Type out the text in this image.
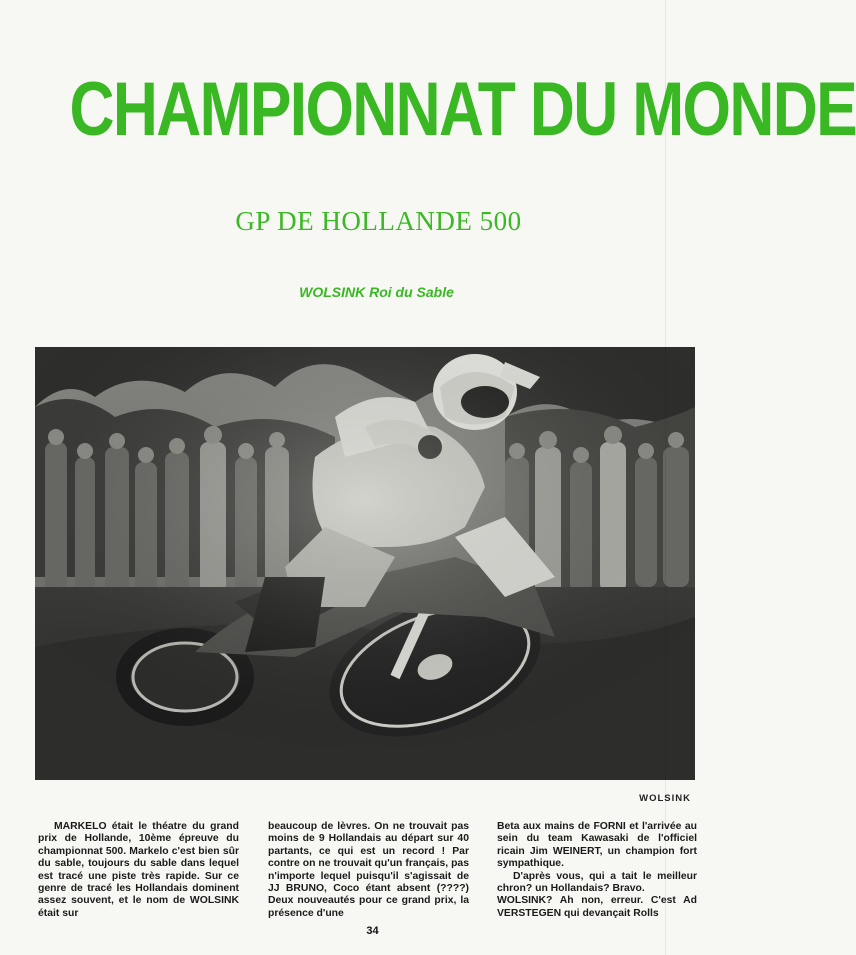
CHAMPIONNAT DU MONDE
GP DE HOLLANDE 500
WOLSINK Roi du Sable
WOLSINK

MARKELO était le théatre du grand prix de Hollande, 10ème épreuve du championnat 500. Markelo c'est bien sûr du sable, toujours du sable dans lequel est tracé une piste très rapide. Sur ce genre de tracé les Hollandais dominent assez souvent, et le nom de WOLSINK était sur

beaucoup de lèvres. On ne trouvait pas moins de 9 Hollandais au départ sur 40 partants, ce qui est un record ! Par contre on ne trouvait qu'un français, pas n'importe lequel puisqu'il s'agissait de JJ BRUNO, Coco étant absent (????) Deux nouveautés pour ce grand prix, la présence d'une

Beta aux mains de FORNI et l'arrivée au sein du team Kawasaki de l'officiel ricain Jim WEINERT, un champion fort sympathique.

D'après vous, qui a tait le meilleur chron? un Hollandais? Bravo.

WOLSINK? Ah non, erreur. C'est Ad VERSTEGEN qui devançait Rolls

34
